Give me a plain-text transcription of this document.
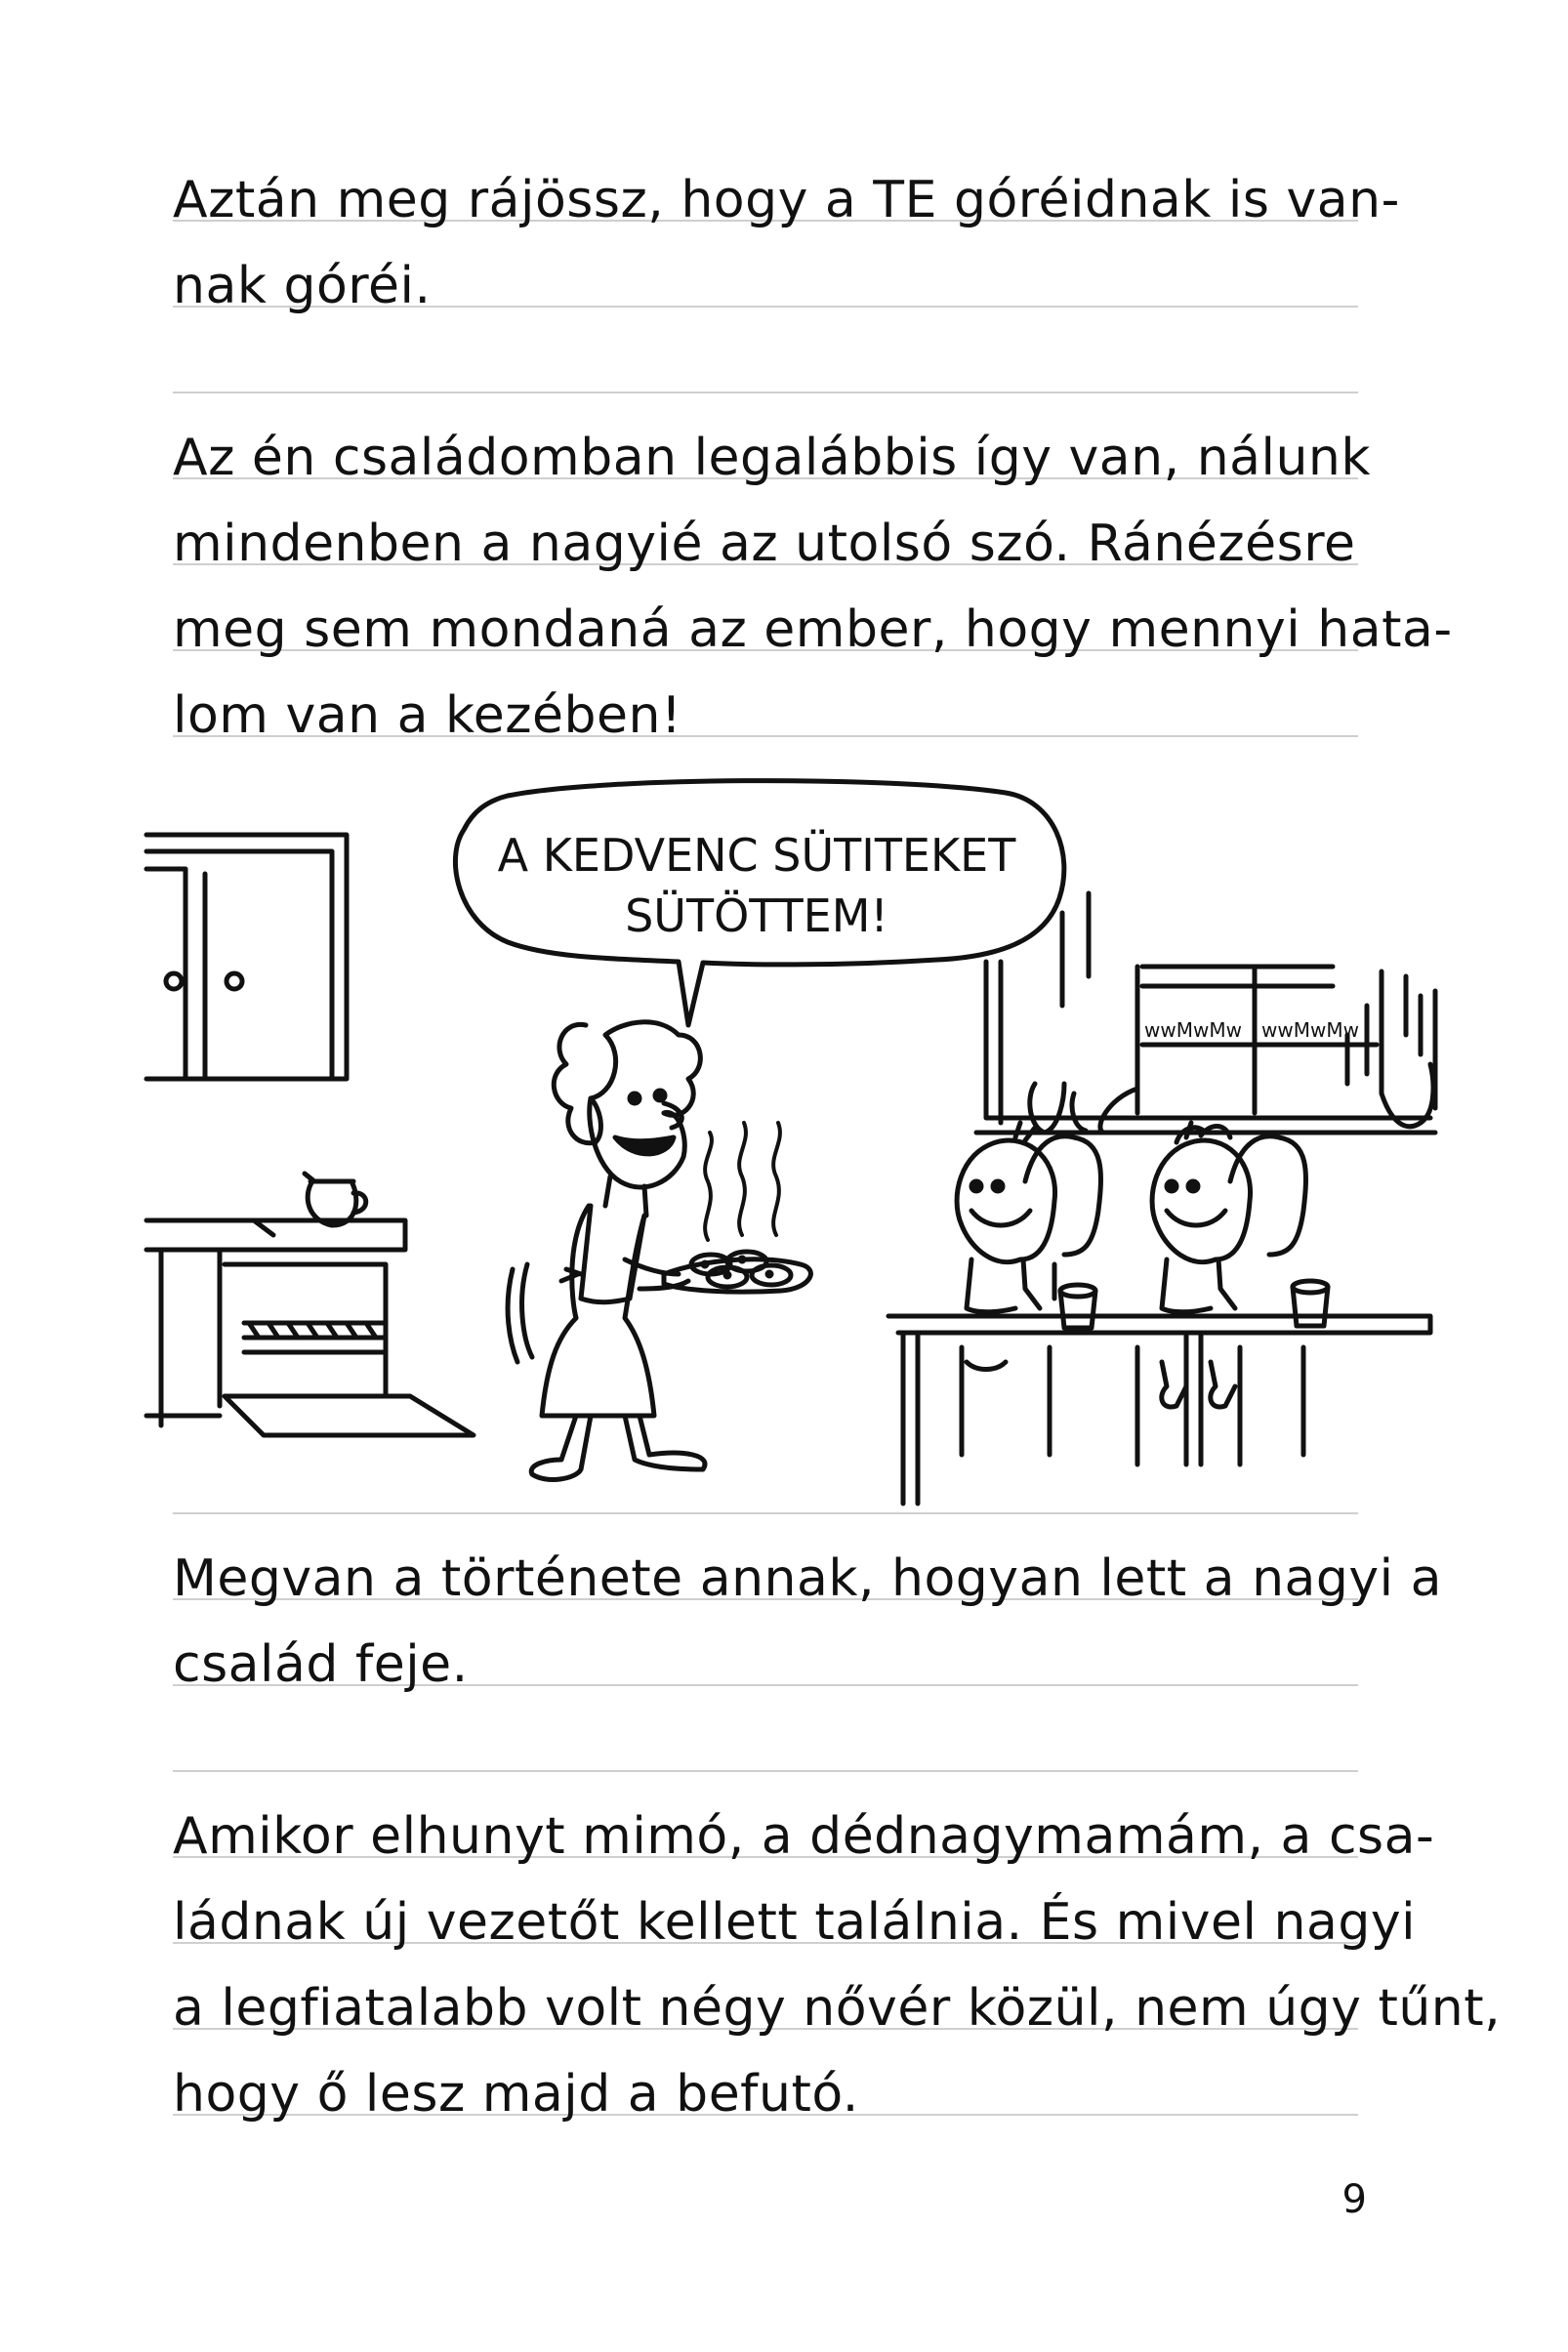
Aztán meg rájössz, hogy a TE góréidnak is van-
nak góréi.
Az én családomban legalábbis így van, nálunk
mindenben a nagyié az utolsó szó. Ránézésre
meg sem mondaná az ember, hogy mennyi hata-
lom van a kezében!
wwMwMw wwMwMw
A KEDVENC SÜTITEKET
SÜTÖTTEM!
Megvan a története annak, hogyan lett a nagyi a
család feje.
Amikor elhunyt mimó, a dédnagymamám, a csa-
ládnak új vezetőt kellett találnia. És mivel nagyi
a legfiatalabb volt négy nővér közül, nem úgy tűnt,
hogy ő lesz majd a befutó.
9
